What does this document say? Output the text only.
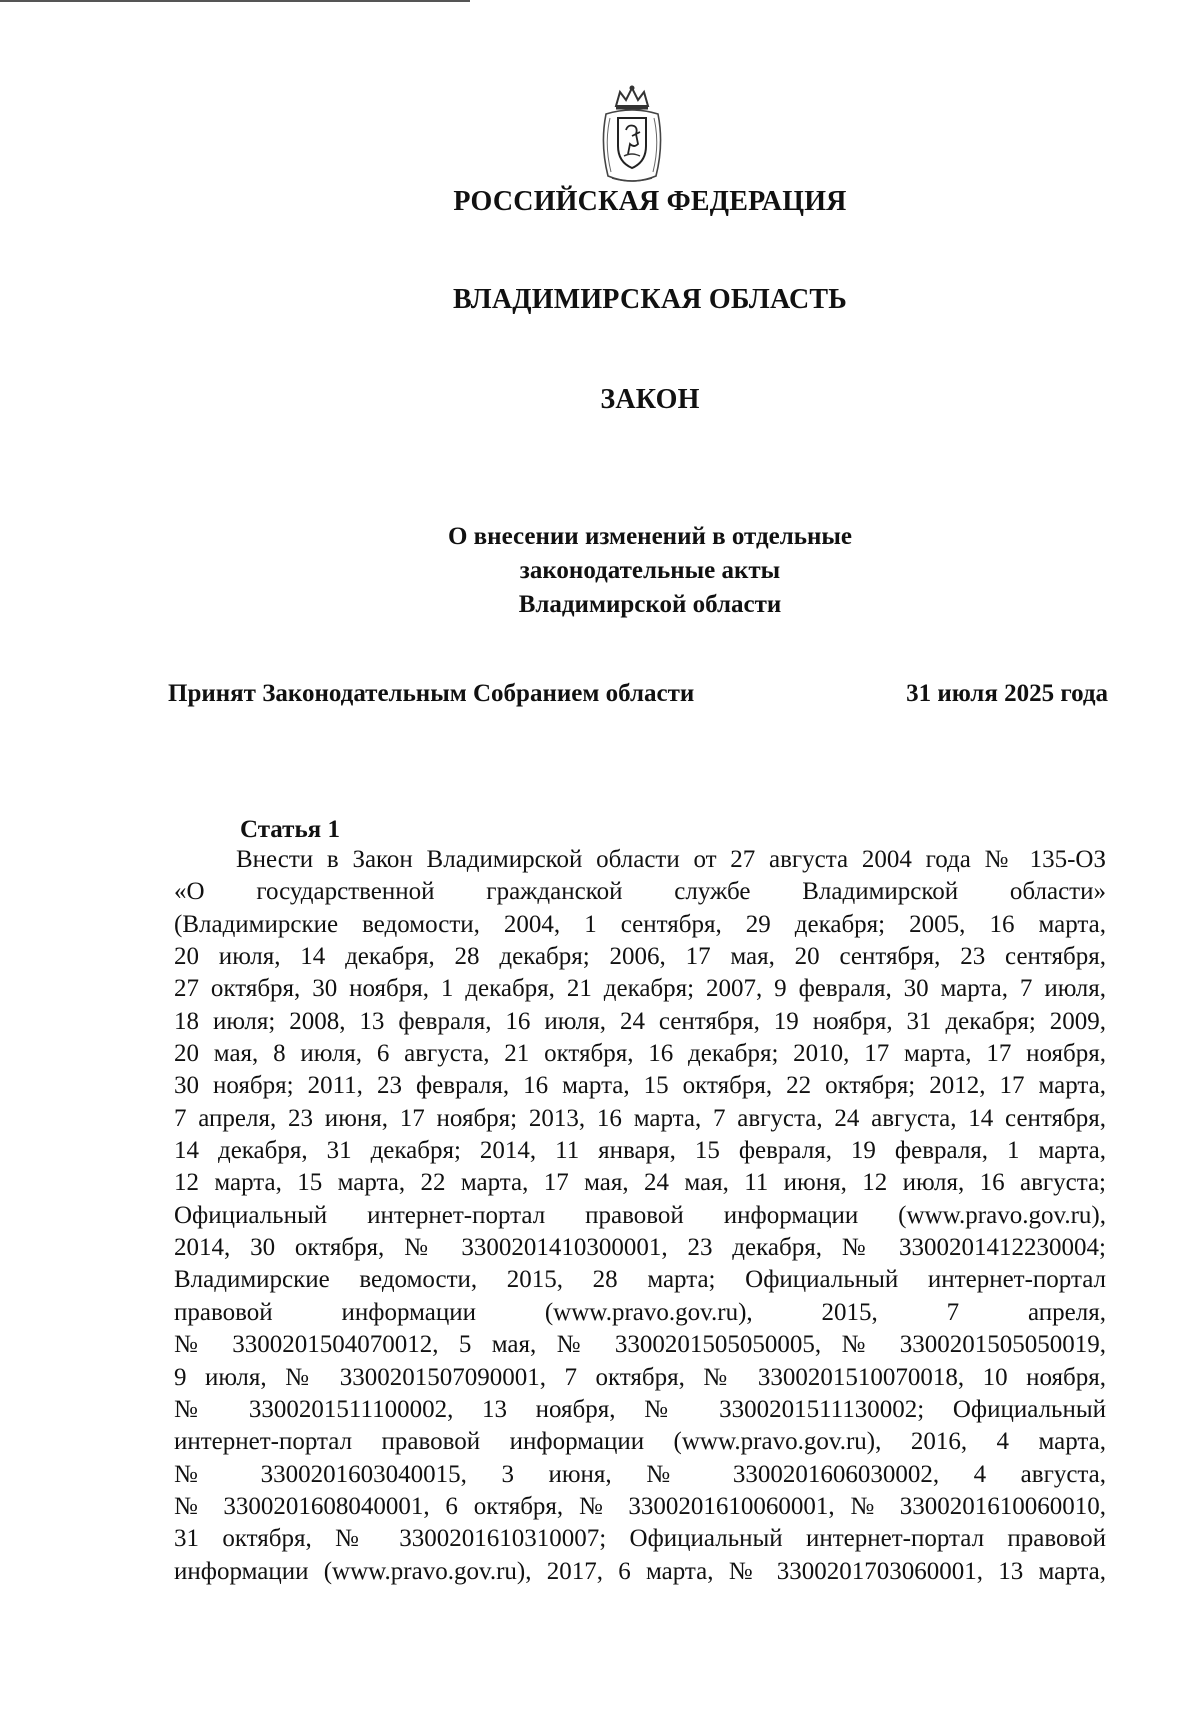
РОССИЙСКАЯ ФЕДЕРАЦИЯ
ВЛАДИМИРСКАЯ ОБЛАСТЬ
ЗАКОН
О внесении изменений в отдельные
законодательные акты
Владимирской области
Принят Законодательным Собранием области	31 июля 2025 года
Статья 1
Внести в Закон Владимирской области от 27 августа 2004 года № 135-ОЗ
«О государственной гражданской службе Владимирской области»
(Владимирские ведомости, 2004, 1 сентября, 29 декабря; 2005, 16 марта,
20 июля, 14 декабря, 28 декабря; 2006, 17 мая, 20 сентября, 23 сентября,
27 октября, 30 ноября, 1 декабря, 21 декабря; 2007, 9 февраля, 30 марта, 7 июля,
18 июля; 2008, 13 февраля, 16 июля, 24 сентября, 19 ноября, 31 декабря; 2009,
20 мая, 8 июля, 6 августа, 21 октября, 16 декабря; 2010, 17 марта, 17 ноября,
30 ноября; 2011, 23 февраля, 16 марта, 15 октября, 22 октября; 2012, 17 марта,
7 апреля, 23 июня, 17 ноября; 2013, 16 марта, 7 августа, 24 августа, 14 сентября,
14 декабря, 31 декабря; 2014, 11 января, 15 февраля, 19 февраля, 1 марта,
12 марта, 15 марта, 22 марта, 17 мая, 24 мая, 11 июня, 12 июля, 16 августа;
Официальный интернет-портал правовой информации (www.pravo.gov.ru),
2014, 30 октября, № 3300201410300001, 23 декабря, № 3300201412230004;
Владимирские ведомости, 2015, 28 марта; Официальный интернет-портал
правовой информации (www.pravo.gov.ru), 2015, 7 апреля,
№ 3300201504070012, 5 мая, № 3300201505050005, № 3300201505050019,
9 июля, № 3300201507090001, 7 октября, № 3300201510070018, 10 ноября,
№ 3300201511100002, 13 ноября, № 3300201511130002; Официальный
интернет-портал правовой информации (www.pravo.gov.ru), 2016, 4 марта,
№ 3300201603040015, 3 июня, № 3300201606030002, 4 августа,
№ 3300201608040001, 6 октября, № 3300201610060001, № 3300201610060010,
31 октября, № 3300201610310007; Официальный интернет-портал правовой
информации (www.pravo.gov.ru), 2017, 6 марта, № 3300201703060001, 13 марта,
